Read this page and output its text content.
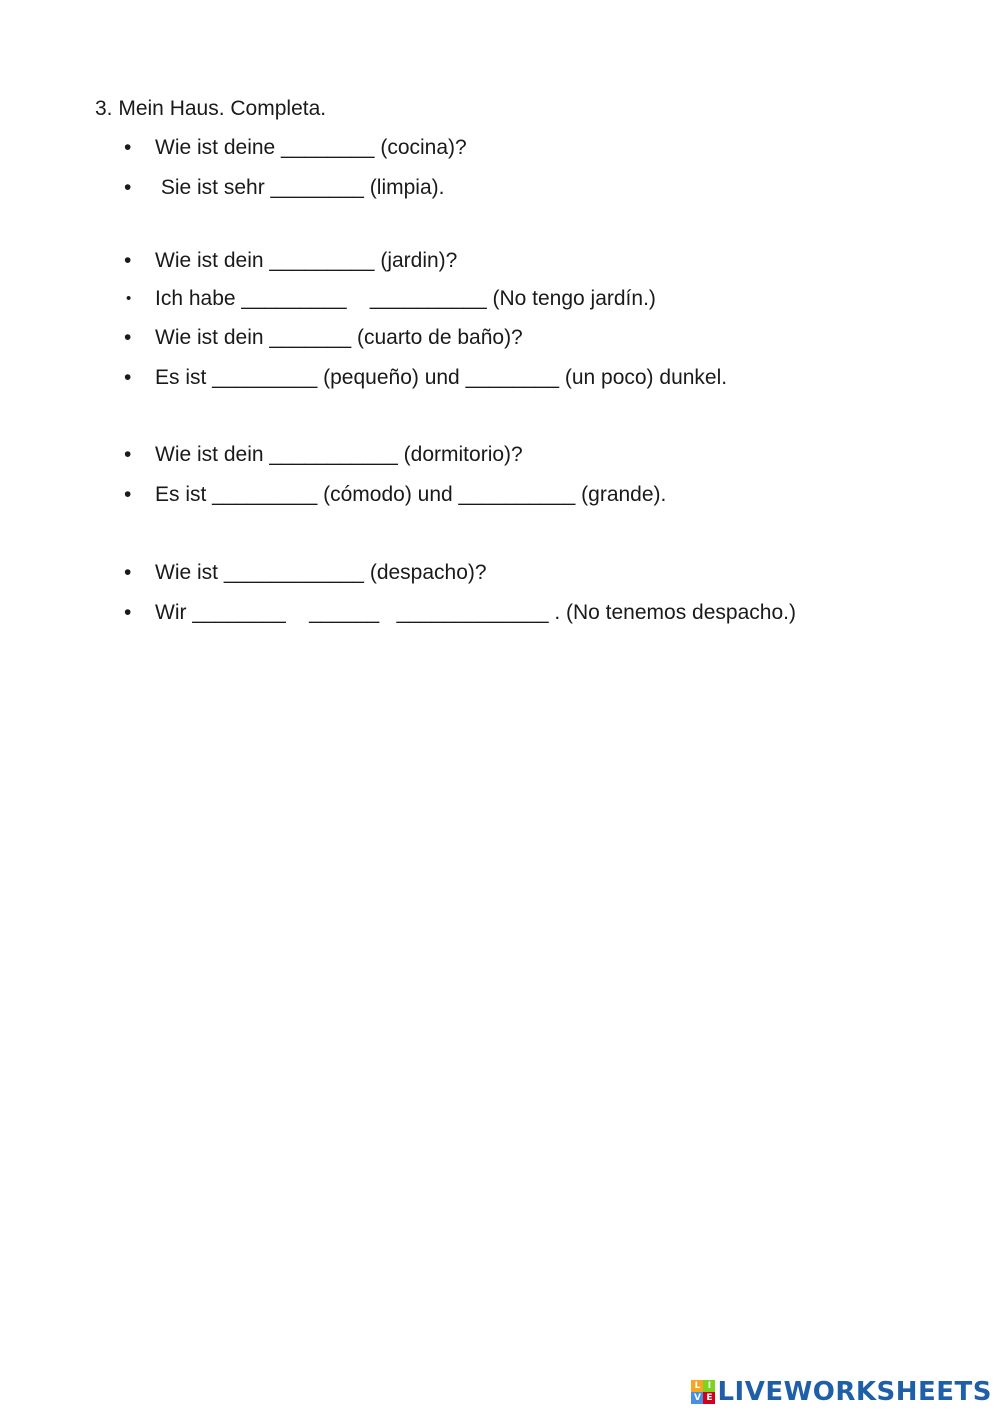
3. Mein Haus. Completa.
• Wie ist deine ________ (cocina)?
• Sie ist sehr ________ (limpia).
• Wie ist dein _________ (jardin)?
• Ich habe _________    __________ (No tengo jardín.)
• Wie ist dein _______ (cuarto de baño)?
• Es ist _________ (pequeño) und ________ (un poco) dunkel.
• Wie ist dein ___________ (dormitorio)?
• Es ist _________ (cómodo) und __________ (grande).
• Wie ist ____________ (despacho)?
• Wir ________    ______   _____________ . (No tenemos despacho.)
L I
V E LIVEWORKSHEETS
